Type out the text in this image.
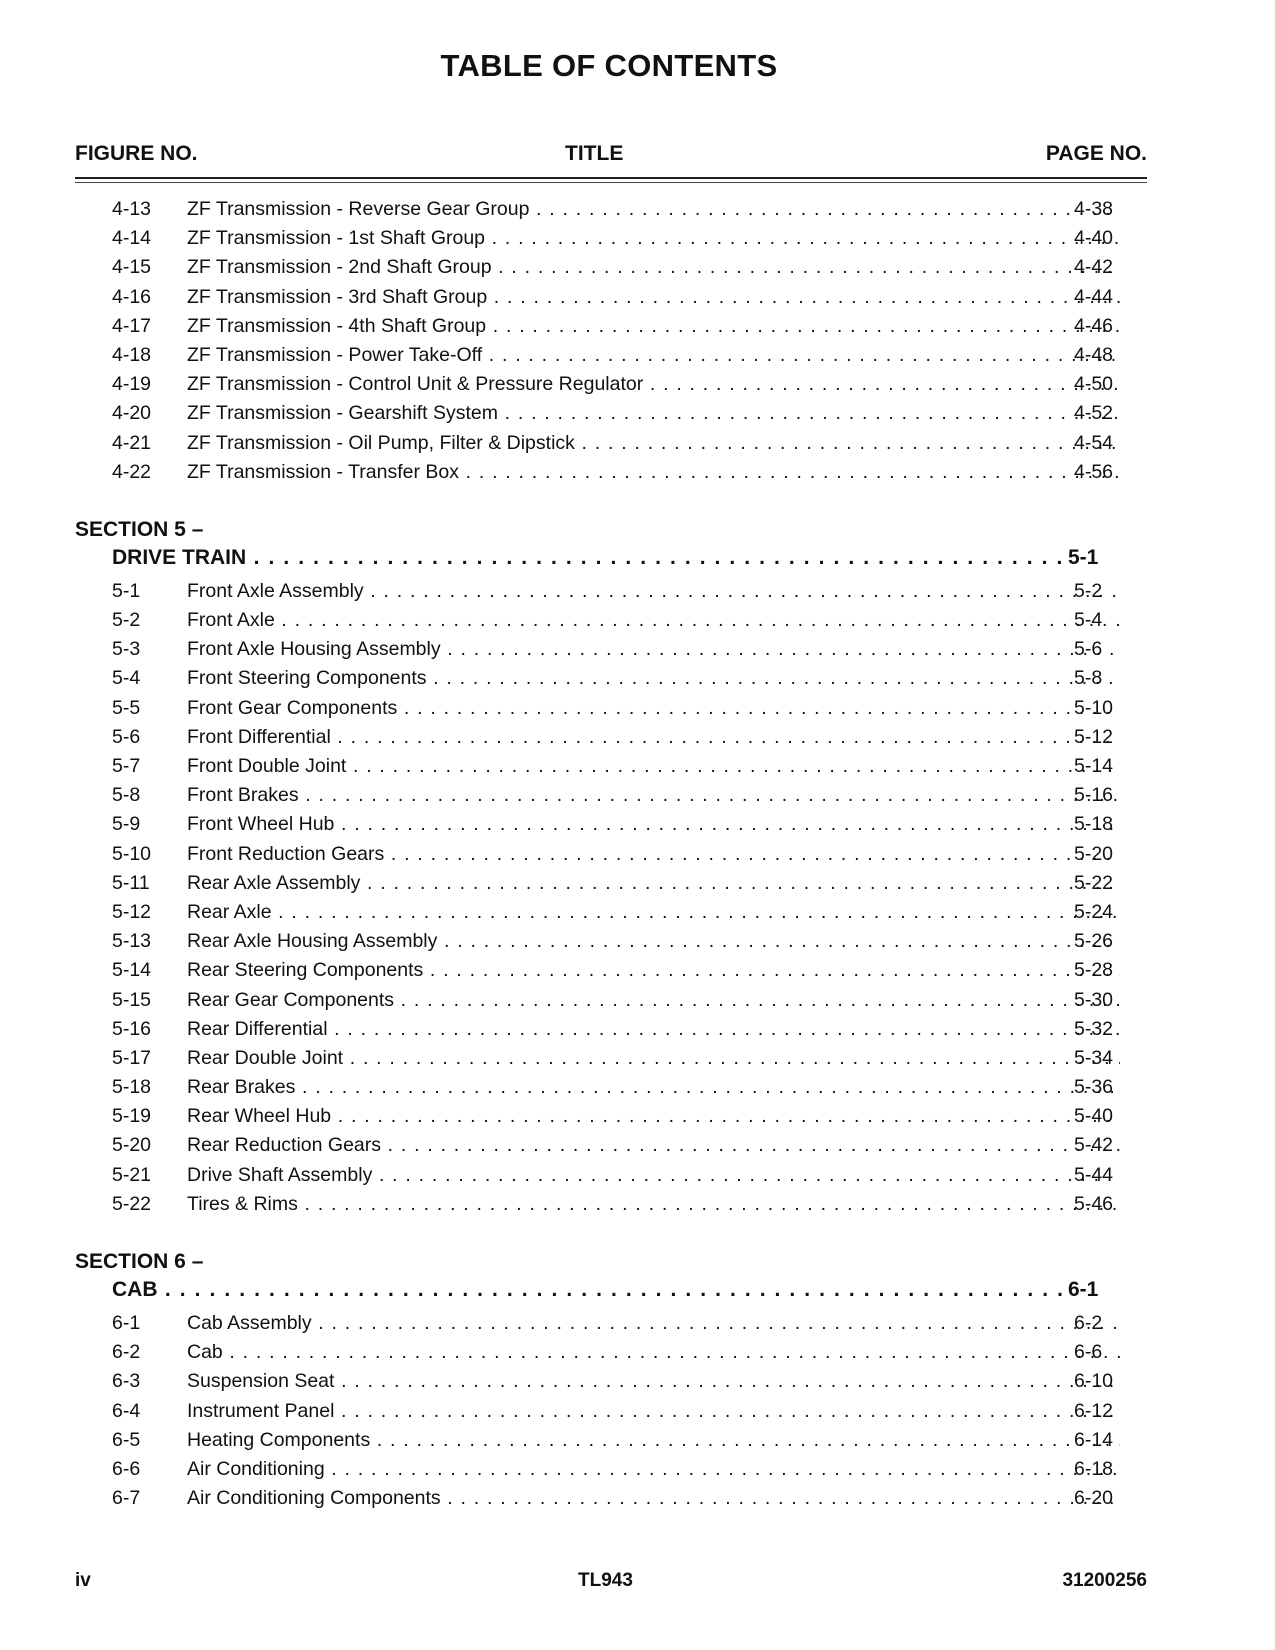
TABLE OF CONTENTS
FIGURE NO.	TITLE	PAGE NO.
4-13 ZF Transmission - Reverse Gear Group . . .	4-38
4-14 ZF Transmission - 1st Shaft Group . . .	4-40
4-15 ZF Transmission - 2nd Shaft Group . . .	4-42
4-16 ZF Transmission - 3rd Shaft Group . . .	4-44
4-17 ZF Transmission - 4th Shaft Group . . .	4-46
4-18 ZF Transmission - Power Take-Off . . .	4-48
4-19 ZF Transmission - Control Unit & Pressure Regulator . . .	4-50
4-20 ZF Transmission - Gearshift System . . .	4-52
4-21 ZF Transmission - Oil Pump, Filter & Dipstick . . .	4-54
4-22 ZF Transmission - Transfer Box . . .	4-56
SECTION 5 –
DRIVE TRAIN . . .	5-1
5-1 Front Axle Assembly . . .	5-2
5-2 Front Axle . . .	5-4
5-3 Front Axle Housing Assembly . . .	5-6
5-4 Front Steering Components . . .	5-8
5-5 Front Gear Components . . .	5-10
5-6 Front Differential . . .	5-12
5-7 Front Double Joint . . .	5-14
5-8 Front Brakes . . .	5-16
5-9 Front Wheel Hub . . .	5-18
5-10 Front Reduction Gears . . .	5-20
5-11 Rear Axle Assembly . . .	5-22
5-12 Rear Axle . . .	5-24
5-13 Rear Axle Housing Assembly . . .	5-26
5-14 Rear Steering Components . . .	5-28
5-15 Rear Gear Components . . .	5-30
5-16 Rear Differential . . .	5-32
5-17 Rear Double Joint . . .	5-34
5-18 Rear Brakes . . .	5-36
5-19 Rear Wheel Hub . . .	5-40
5-20 Rear Reduction Gears . . .	5-42
5-21 Drive Shaft Assembly . . .	5-44
5-22 Tires & Rims . . .	5-46
SECTION 6 –
CAB . . .	6-1
6-1 Cab Assembly . . .	6-2
6-2 Cab . . .	6-6
6-3 Suspension Seat . . .	6-10
6-4 Instrument Panel . . .	6-12
6-5 Heating Components . . .	6-14
6-6 Air Conditioning . . .	6-18
6-7 Air Conditioning Components . . .	6-20
iv	TL943	31200256
